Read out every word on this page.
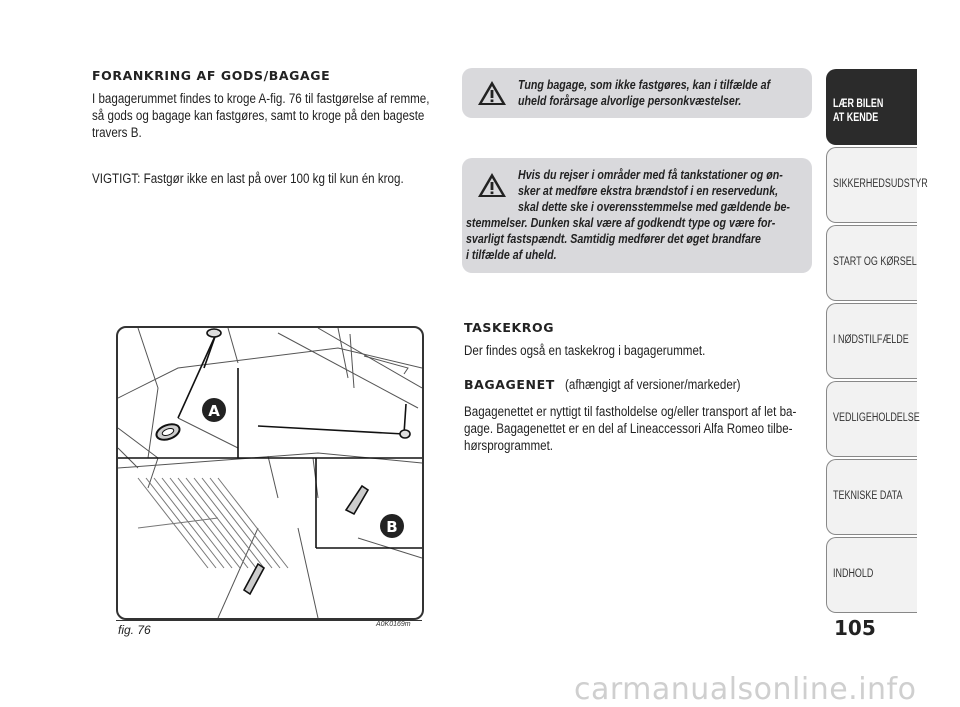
FORANKRING AF GODS/BAGAGE
I bagagerummet findes to kroge A-fig. 76 til fastgørelse af remme,
så gods og bagage kan fastgøres, samt to kroge på den bageste
travers B.
VIGTIGT: Fastgør ikke en last på over 100 kg til kun én krog.
Tung bagage, som ikke fastgøres, kan i tilfælde af
uheld forårsage alvorlige personkvæstelser.
Hvis du rejser i områder med få tankstationer og øn-
sker at medføre ekstra brændstof i en reservedunk,
skal dette ske i overensstemmelse med gældende be-
stemmelser. Dunken skal være af godkendt type og være for-
svarligt fastspændt. Samtidig medfører det øget brandfare
i tilfælde af uheld.
TASKEKROG
Der findes også en taskekrog i bagagerummet.
BAGAGENET (afhængigt af versioner/markeder)
Bagagenettet er nyttigt til fastholdelse og/eller transport af let ba-
gage. Bagagenettet er en del af Lineaccessori Alfa Romeo tilbe-
hørsprogrammet.
A
B
fig. 76	A0K0169m
LÆR BILEN
AT KENDE
SIKKERHEDSUDSTYR
START OG KØRSEL
I NØDSTILFÆLDE
VEDLIGEHOLDELSE
TEKNISKE DATA
INDHOLD
105
carmanualsonline.info
